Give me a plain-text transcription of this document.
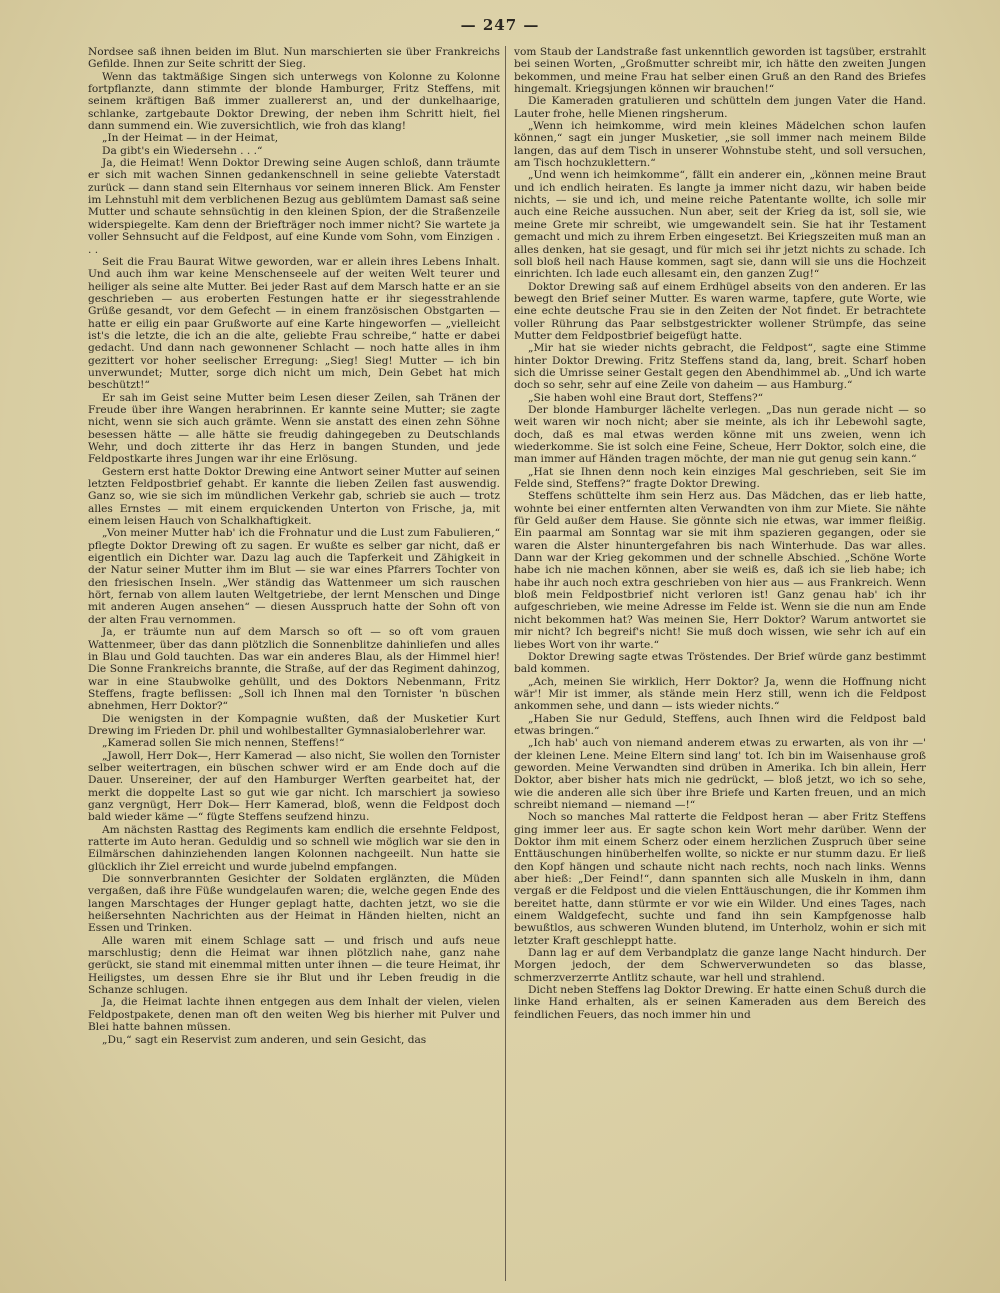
— 247 —

Nordsee saß ihnen beiden im Blut. Nun marschierten sie über Frankreichs Gefilde. Ihnen zur Seite schritt der Sieg.

Wenn das taktmäßige Singen sich unterwegs von Kolonne zu Kolonne fortpflanzte, dann stimmte der blonde Hamburger, Fritz Steffens, mit seinem kräftigen Baß immer zuallererst an, und der dunkelhaarige, schlanke, zartgebaute Doktor Drewing, der neben ihm Schritt hielt, fiel dann summend ein. Wie zuversichtlich, wie froh das klang!

„In der Heimat — in der Heimat,

Da gibt's ein Wiedersehn . . .“

Ja, die Heimat! Wenn Doktor Drewing seine Augen schloß, dann träumte er sich mit wachen Sinnen gedankenschnell in seine geliebte Vaterstadt zurück — dann stand sein Elternhaus vor seinem inneren Blick. Am Fenster im Lehnstuhl mit dem verblichenen Bezug aus geblümtem Damast saß seine Mutter und schaute sehnsüchtig in den kleinen Spion, der die Straßenzeile widerspiegelte. Kam denn der Briefträger noch immer nicht? Sie wartete ja voller Sehnsucht auf die Feldpost, auf eine Kunde vom Sohn, vom Einzigen . . .

Seit die Frau Baurat Witwe geworden, war er allein ihres Lebens Inhalt. Und auch ihm war keine Menschenseele auf der weiten Welt teurer und heiliger als seine alte Mutter. Bei jeder Rast auf dem Marsch hatte er an sie geschrieben — aus eroberten Festungen hatte er ihr siegesstrahlende Grüße gesandt, vor dem Gefecht — in einem französischen Obstgarten — hatte er eilig ein paar Grußworte auf eine Karte hingeworfen — „vielleicht ist's die letzte, die ich an die alte, geliebte Frau schreibe,“ hatte er dabei gedacht. Und dann nach gewonnener Schlacht — noch hatte alles in ihm gezittert vor hoher seelischer Erregung: „Sieg! Sieg! Mutter — ich bin unverwundet; Mutter, sorge dich nicht um mich, Dein Gebet hat mich beschützt!“

Er sah im Geist seine Mutter beim Lesen dieser Zeilen, sah Tränen der Freude über ihre Wangen herabrinnen. Er kannte seine Mutter; sie zagte nicht, wenn sie sich auch grämte. Wenn sie anstatt des einen zehn Söhne besessen hätte — alle hätte sie freudig dahingegeben zu Deutschlands Wehr, und doch zitterte ihr das Herz in bangen Stunden, und jede Feldpostkarte ihres Jungen war ihr eine Erlösung.

Gestern erst hatte Doktor Drewing eine Antwort seiner Mutter auf seinen letzten Feldpostbrief gehabt. Er kannte die lieben Zeilen fast auswendig. Ganz so, wie sie sich im mündlichen Verkehr gab, schrieb sie auch — trotz alles Ernstes — mit einem erquickenden Unterton von Frische, ja, mit einem leisen Hauch von Schalkhaftigkeit.

„Von meiner Mutter hab' ich die Frohnatur und die Lust zum Fabulieren,“ pflegte Doktor Drewing oft zu sagen. Er wußte es selber gar nicht, daß er eigentlich ein Dichter war. Dazu lag auch die Tapferkeit und Zähigkeit in der Natur seiner Mutter ihm im Blut — sie war eines Pfarrers Tochter von den friesischen Inseln. „Wer ständig das Wattenmeer um sich rauschen hört, fernab von allem lauten Weltgetriebe, der lernt Menschen und Dinge mit anderen Augen ansehen“ — diesen Ausspruch hatte der Sohn oft von der alten Frau vernommen.

Ja, er träumte nun auf dem Marsch so oft — so oft vom grauen Wattenmeer, über das dann plötzlich die Sonnenblitze dahinliefen und alles in Blau und Gold tauchten. Das war ein anderes Blau, als der Himmel hier! Die Sonne Frankreichs brannte, die Straße, auf der das Regiment dahinzog, war in eine Staubwolke gehüllt, und des Doktors Nebenmann, Fritz Steffens, fragte beflissen: „Soll ich Ihnen mal den Tornister 'n büschen abnehmen, Herr Doktor?“

Die wenigsten in der Kompagnie wußten, daß der Musketier Kurt Drewing im Frieden Dr. phil und wohlbestallter Gymnasialoberlehrer war.

„Kamerad sollen Sie mich nennen, Steffens!“

„Jawoll, Herr Dok—, Herr Kamerad — also nicht, Sie wollen den Tornister selber weitertragen, ein büschen schwer wird er am Ende doch auf die Dauer. Unsereiner, der auf den Hamburger Werften gearbeitet hat, der merkt die doppelte Last so gut wie gar nicht. Ich marschiert ja sowieso ganz vergnügt, Herr Dok— Herr Kamerad, bloß, wenn die Feldpost doch bald wieder käme —“ fügte Steffens seufzend hinzu.

Am nächsten Rasttag des Regiments kam endlich die ersehnte Feldpost, ratterte im Auto heran. Geduldig und so schnell wie möglich war sie den in Eilmärschen dahinziehenden langen Kolonnen nachgeeilt. Nun hatte sie glücklich ihr Ziel erreicht und wurde jubelnd empfangen.

Die sonnverbrannten Gesichter der Soldaten erglänzten, die Müden vergaßen, daß ihre Füße wundgelaufen waren; die, welche gegen Ende des langen Marschtages der Hunger geplagt hatte, dachten jetzt, wo sie die heißersehnten Nachrichten aus der Heimat in Händen hielten, nicht an Essen und Trinken.

Alle waren mit einem Schlage satt — und frisch und aufs neue marschlustig; denn die Heimat war ihnen plötzlich nahe, ganz nahe gerückt, sie stand mit einemmal mitten unter ihnen — die teure Heimat, ihr Heiligstes, um dessen Ehre sie ihr Blut und ihr Leben freudig in die Schanze schlugen.

Ja, die Heimat lachte ihnen entgegen aus dem Inhalt der vielen, vielen Feldpostpakete, denen man oft den weiten Weg bis hierher mit Pulver und Blei hatte bahnen müssen.

„Du,“ sagt ein Reservist zum anderen, und sein Gesicht, das

vom Staub der Landstraße fast unkenntlich geworden ist tagsüber, erstrahlt bei seinen Worten, „Großmutter schreibt mir, ich hätte den zweiten Jungen bekommen, und meine Frau hat selber einen Gruß an den Rand des Briefes hingemalt. Kriegsjungen können wir brauchen!“

Die Kameraden gratulieren und schütteln dem jungen Vater die Hand. Lauter frohe, helle Mienen ringsherum.

„Wenn ich heimkomme, wird mein kleines Mädelchen schon laufen können,“ sagt ein junger Musketier, „sie soll immer nach meinem Bilde langen, das auf dem Tisch in unserer Wohnstube steht, und soll versuchen, am Tisch hochzuklettern.“

„Und wenn ich heimkomme“, fällt ein anderer ein, „können meine Braut und ich endlich heiraten. Es langte ja immer nicht dazu, wir haben beide nichts, — sie und ich, und meine reiche Patentante wollte, ich solle mir auch eine Reiche aussuchen. Nun aber, seit der Krieg da ist, soll sie, wie meine Grete mir schreibt, wie umgewandelt sein. Sie hat ihr Testament gemacht und mich zu ihrem Erben eingesetzt. Bei Kriegszeiten muß man an alles denken, hat sie gesagt, und für mich sei ihr jetzt nichts zu schade. Ich soll bloß heil nach Hause kommen, sagt sie, dann will sie uns die Hochzeit einrichten. Ich lade euch allesamt ein, den ganzen Zug!“

Doktor Drewing saß auf einem Erdhügel abseits von den anderen. Er las bewegt den Brief seiner Mutter. Es waren warme, tapfere, gute Worte, wie eine echte deutsche Frau sie in den Zeiten der Not findet. Er betrachtete voller Rührung das Paar selbstgestrickter wollener Strümpfe, das seine Mutter dem Feldpostbrief beigefügt hatte.

„Mir hat sie wieder nichts gebracht, die Feldpost“, sagte eine Stimme hinter Doktor Drewing. Fritz Steffens stand da, lang, breit. Scharf hoben sich die Umrisse seiner Gestalt gegen den Abendhimmel ab. „Und ich warte doch so sehr, sehr auf eine Zeile von daheim — aus Hamburg.“

„Sie haben wohl eine Braut dort, Steffens?“

Der blonde Hamburger lächelte verlegen. „Das nun gerade nicht — so weit waren wir noch nicht; aber sie meinte, als ich ihr Lebewohl sagte, doch, daß es mal etwas werden könne mit uns zweien, wenn ich wiederkomme. Sie ist solch eine Feine, Scheue, Herr Doktor, solch eine, die man immer auf Händen tragen möchte, der man nie gut genug sein kann.“

„Hat sie Ihnen denn noch kein einziges Mal geschrieben, seit Sie im Felde sind, Steffens?“ fragte Doktor Drewing.

Steffens schüttelte ihm sein Herz aus. Das Mädchen, das er lieb hatte, wohnte bei einer entfernten alten Verwandten von ihm zur Miete. Sie nähte für Geld außer dem Hause. Sie gönnte sich nie etwas, war immer fleißig. Ein paarmal am Sonntag war sie mit ihm spazieren gegangen, oder sie waren die Alster hinuntergefahren bis nach Winterhude. Das war alles. Dann war der Krieg gekommen und der schnelle Abschied. „Schöne Worte habe ich nie machen können, aber sie weiß es, daß ich sie lieb habe; ich habe ihr auch noch extra geschrieben von hier aus — aus Frankreich. Wenn bloß mein Feldpostbrief nicht verloren ist! Ganz genau hab' ich ihr aufgeschrieben, wie meine Adresse im Felde ist. Wenn sie die nun am Ende nicht bekommen hat? Was meinen Sie, Herr Doktor? Warum antwortet sie mir nicht? Ich begreif's nicht! Sie muß doch wissen, wie sehr ich auf ein liebes Wort von ihr warte.“

Doktor Drewing sagte etwas Tröstendes. Der Brief würde ganz bestimmt bald kommen.

„Ach, meinen Sie wirklich, Herr Doktor? Ja, wenn die Hoffnung nicht wär'! Mir ist immer, als stände mein Herz still, wenn ich die Feldpost ankommen sehe, und dann — ists wieder nichts.“

„Haben Sie nur Geduld, Steffens, auch Ihnen wird die Feldpost bald etwas bringen.“

„Ich hab' auch von niemand anderem etwas zu erwarten, als von ihr —' der kleinen Lene. Meine Eltern sind lang' tot. Ich bin im Waisenhause groß geworden. Meine Verwandten sind drüben in Amerika. Ich bin allein, Herr Doktor, aber bisher hats mich nie gedrückt, — bloß jetzt, wo ich so sehe, wie die anderen alle sich über ihre Briefe und Karten freuen, und an mich schreibt niemand — niemand —!“

Noch so manches Mal ratterte die Feldpost heran — aber Fritz Steffens ging immer leer aus. Er sagte schon kein Wort mehr darüber. Wenn der Doktor ihm mit einem Scherz oder einem herzlichen Zuspruch über seine Enttäuschungen hinüberhelfen wollte, so nickte er nur stumm dazu. Er ließ den Kopf hängen und schaute nicht nach rechts, noch nach links. Wenns aber hieß: „Der Feind!“, dann spannten sich alle Muskeln in ihm, dann vergaß er die Feldpost und die vielen Enttäuschungen, die ihr Kommen ihm bereitet hatte, dann stürmte er vor wie ein Wilder. Und eines Tages, nach einem Waldgefecht, suchte und fand ihn sein Kampfgenosse halb bewußtlos, aus schweren Wunden blutend, im Unterholz, wohin er sich mit letzter Kraft geschleppt hatte.

Dann lag er auf dem Verbandplatz die ganze lange Nacht hindurch. Der Morgen jedoch, der dem Schwerverwundeten so das blasse, schmerzverzerrte Antlitz schaute, war hell und strahlend.

Dicht neben Steffens lag Doktor Drewing. Er hatte einen Schuß durch die linke Hand erhalten, als er seinen Kameraden aus dem Bereich des feindlichen Feuers, das noch immer hin und
